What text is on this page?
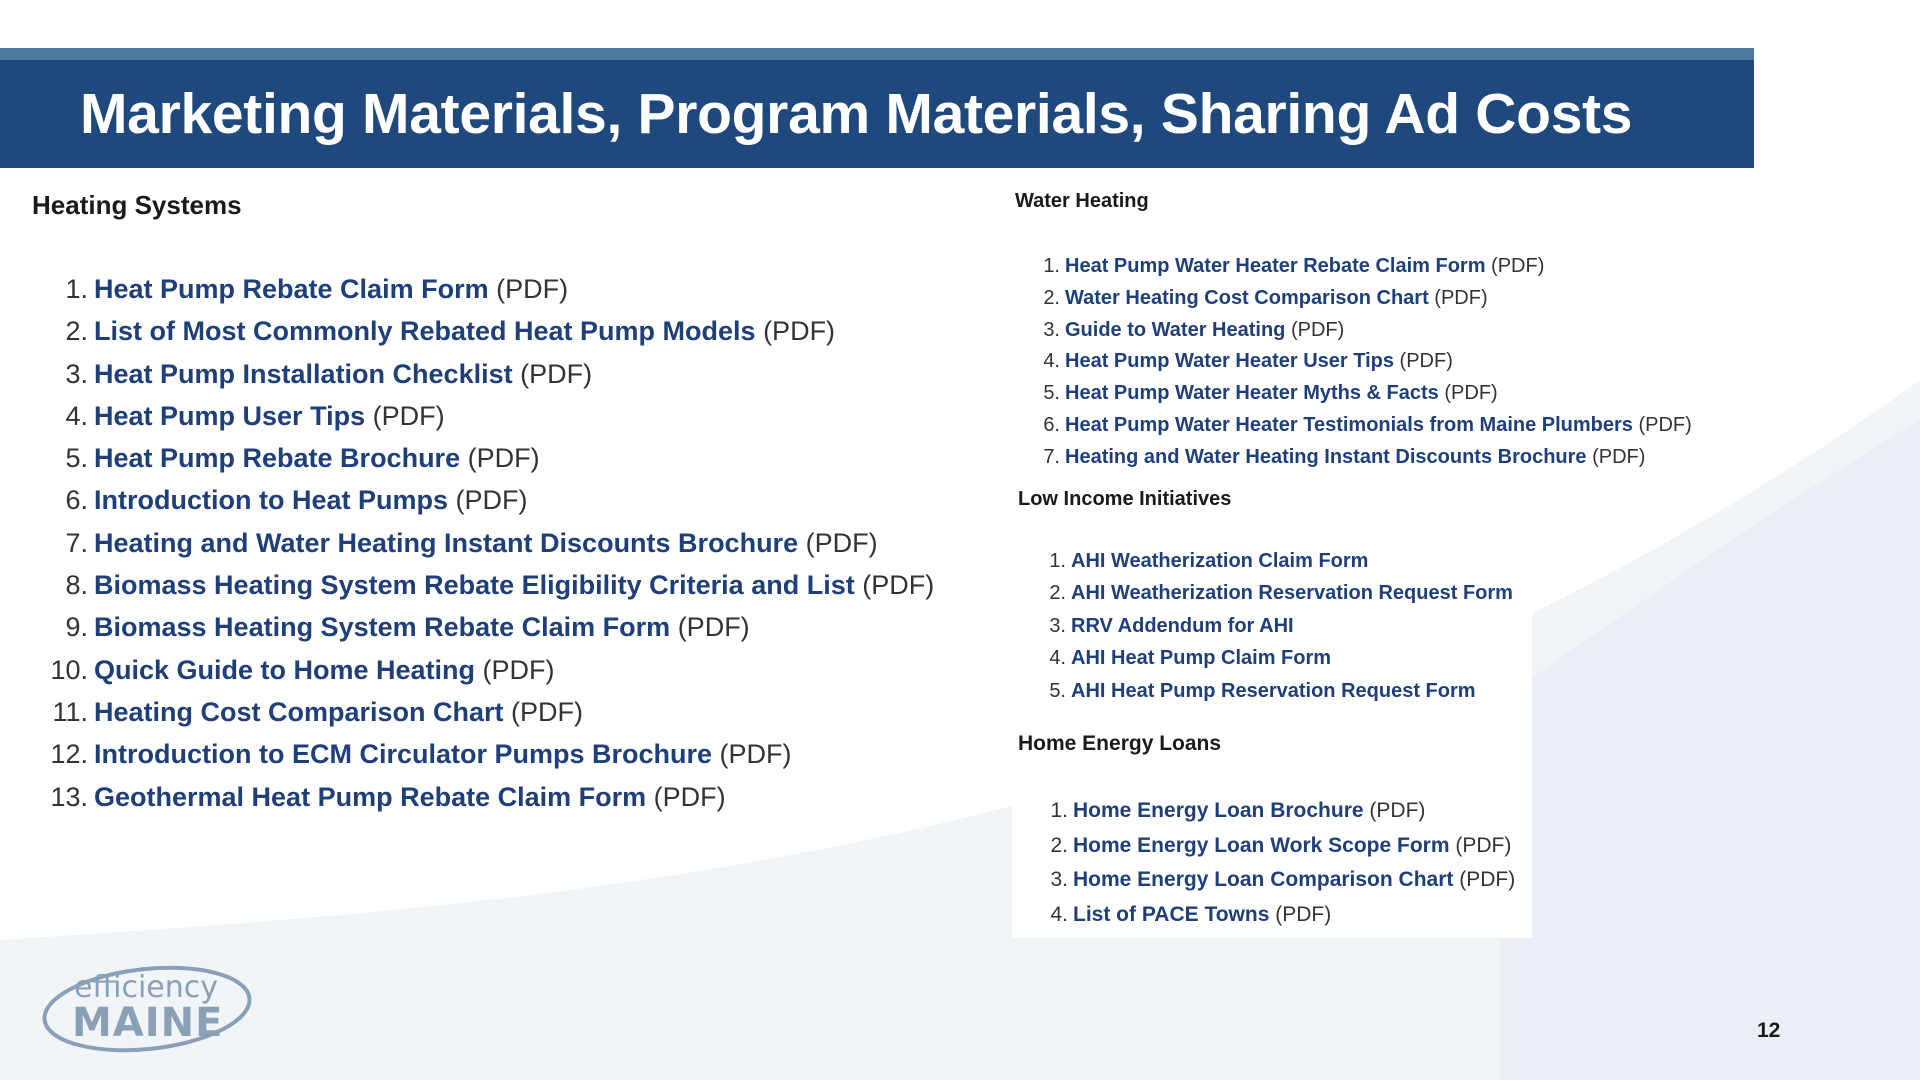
Marketing Materials, Program Materials, Sharing Ad Costs
Heating Systems
1. Heat Pump Rebate Claim Form (PDF)
2. List of Most Commonly Rebated Heat Pump Models (PDF)
3. Heat Pump Installation Checklist (PDF)
4. Heat Pump User Tips (PDF)
5. Heat Pump Rebate Brochure (PDF)
6. Introduction to Heat Pumps (PDF)
7. Heating and Water Heating Instant Discounts Brochure (PDF)
8. Biomass Heating System Rebate Eligibility Criteria and List (PDF)
9. Biomass Heating System Rebate Claim Form (PDF)
10. Quick Guide to Home Heating (PDF)
11. Heating Cost Comparison Chart (PDF)
12. Introduction to ECM Circulator Pumps Brochure (PDF)
13. Geothermal Heat Pump Rebate Claim Form (PDF)
Water Heating
1. Heat Pump Water Heater Rebate Claim Form (PDF)
2. Water Heating Cost Comparison Chart (PDF)
3. Guide to Water Heating (PDF)
4. Heat Pump Water Heater User Tips (PDF)
5. Heat Pump Water Heater Myths & Facts (PDF)
6. Heat Pump Water Heater Testimonials from Maine Plumbers (PDF)
7. Heating and Water Heating Instant Discounts Brochure (PDF)
Low Income Initiatives
1. AHI Weatherization Claim Form
2. AHI Weatherization Reservation Request Form
3. RRV Addendum for AHI
4. AHI Heat Pump Claim Form
5. AHI Heat Pump Reservation Request Form
Home Energy Loans
1. Home Energy Loan Brochure (PDF)
2. Home Energy Loan Work Scope Form (PDF)
3. Home Energy Loan Comparison Chart (PDF)
4. List of PACE Towns (PDF)
efficiency
MAINE	12
